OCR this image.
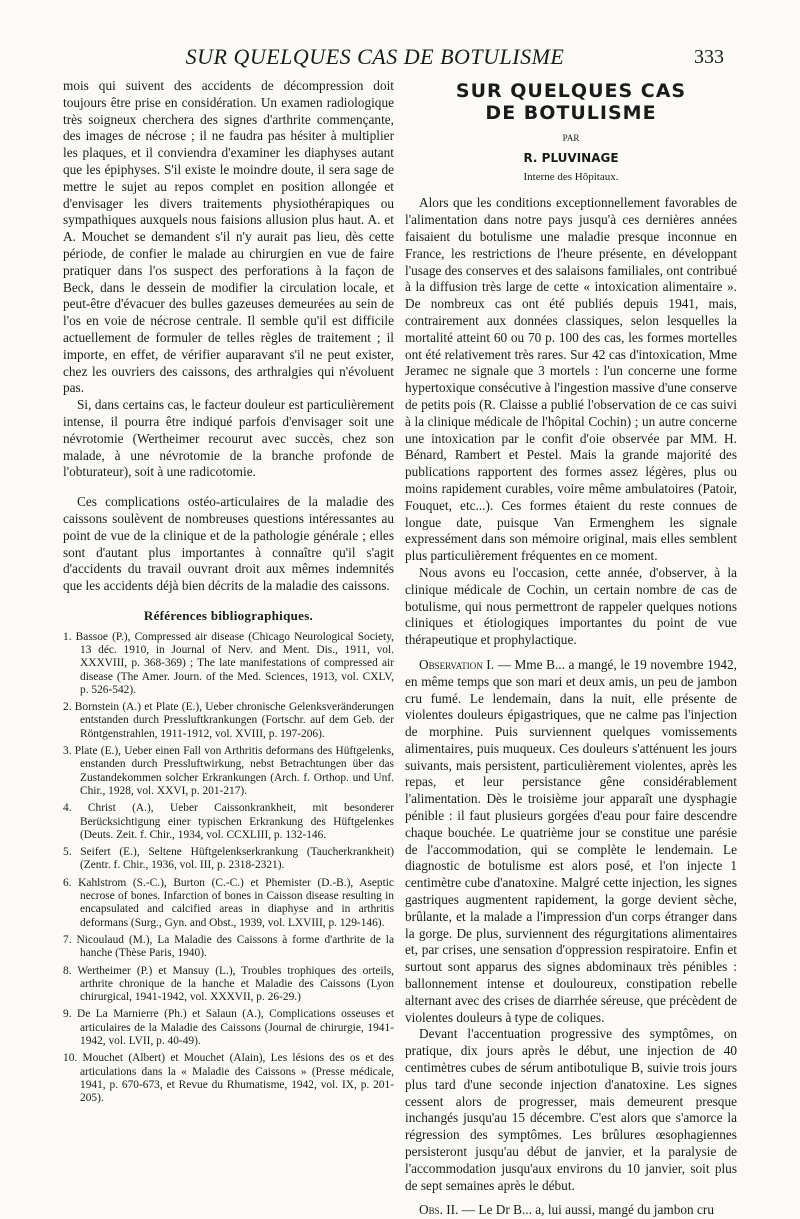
SUR QUELQUES CAS DE BOTULISME	333

mois qui suivent des accidents de décompression doit toujours être prise en considération. Un examen radiologique très soigneux cherchera des signes d'arthrite commençante, des images de nécrose ; il ne faudra pas hésiter à multiplier les plaques, et il conviendra d'examiner les diaphyses autant que les épiphyses. S'il existe le moindre doute, il sera sage de mettre le sujet au repos complet en position allongée et d'envisager les divers traitements physiothérapiques ou sympathiques auxquels nous faisions allusion plus haut. A. et A. Mouchet se demandent s'il n'y aurait pas lieu, dès cette période, de confier le malade au chirurgien en vue de faire pratiquer dans l'os suspect des perforations à la façon de Beck, dans le dessein de modifier la circulation locale, et peut-être d'évacuer des bulles gazeuses demeurées au sein de l'os en voie de nécrose centrale. Il semble qu'il est difficile actuellement de formuler de telles règles de traitement ; il importe, en effet, de vérifier auparavant s'il ne peut exister, chez les ouvriers des caissons, des arthralgies qui n'évoluent pas.

Si, dans certains cas, le facteur douleur est particulièrement intense, il pourra être indiqué parfois d'envisager soit une névrotomie (Wertheimer recourut avec succès, chez son malade, à une névrotomie de la branche profonde de l'obturateur), soit à une radicotomie.

Ces complications ostéo-articulaires de la maladie des caissons soulèvent de nombreuses questions intéressantes au point de vue de la clinique et de la pathologie générale ; elles sont d'autant plus importantes à connaître qu'il s'agit d'accidents du travail ouvrant droit aux mêmes indemnités que les accidents déjà bien décrits de la maladie des caissons.

Références bibliographiques.
1. Bassoe (P.), Compressed air disease (Chicago Neurological Society, 13 déc. 1910, in Journal of Nerv. and Ment. Dis., 1911, vol. XXXVIII, p. 368-369) ; The late manifestations of compressed air disease (The Amer. Journ. of the Med. Sciences, 1913, vol. CXLV, p. 526-542).
2. Bornstein (A.) et Plate (E.), Ueber chronische Gelenksveränderungen entstanden durch Pressluftkrankungen (Fortschr. auf dem Geb. der Röntgenstrahlen, 1911-1912, vol. XVIII, p. 197-206).
3. Plate (E.), Ueber einen Fall von Arthritis deformans des Hüftgelenks, enstanden durch Pressluftwirkung, nebst Betrachtungen über das Zustandekommen solcher Erkrankungen (Arch. f. Orthop. und Unf. Chir., 1928, vol. XXVI, p. 201-217).
4. Christ (A.), Ueber Caissonkrankheit, mit besonderer Berücksichtigung einer typischen Erkrankung des Hüftgelenkes (Deuts. Zeit. f. Chir., 1934, vol. CCXLIII, p. 132-146.
5. Seifert (E.), Seltene Hüftgelenkserkrankung (Taucherkrankheit) (Zentr. f. Chir., 1936, vol. III, p. 2318-2321).
6. Kahlstrom (S.-C.), Burton (C.-C.) et Phemister (D.-B.), Aseptic necrose of bones. Infarction of bones in Caisson disease resulting in encapsulated and calcified areas in diaphyse and in arthritis deformans (Surg., Gyn. and Obst., 1939, vol. LXVIII, p. 129-146).
7. Nicoulaud (M.), La Maladie des Caissons à forme d'arthrite de la hanche (Thèse Paris, 1940).
8. Wertheimer (P.) et Mansuy (L.), Troubles trophiques des orteils, arthrite chronique de la hanche et Maladie des Caissons (Lyon chirurgical, 1941-1942, vol. XXXVII, p. 26-29.)
9. De La Marnierre (Ph.) et Salaun (A.), Complications osseuses et articulaires de la Maladie des Caissons (Journal de chirurgie, 1941-1942, vol. LVII, p. 40-49).
10. Mouchet (Albert) et Mouchet (Alain), Les lésions des os et des articulations dans la « Maladie des Caissons » (Presse médicale, 1941, p. 670-673, et Revue du Rhumatisme, 1942, vol. IX, p. 201-205).
SUR QUELQUES CAS
DE BOTULISME
PAR
R. PLUVINAGE
Interne des Hôpitaux.

Alors que les conditions exceptionnellement favorables de l'alimentation dans notre pays jusqu'à ces dernières années faisaient du botulisme une maladie presque inconnue en France, les restrictions de l'heure présente, en développant l'usage des conserves et des salaisons familiales, ont contribué à la diffusion très large de cette « intoxication alimentaire ». De nombreux cas ont été publiés depuis 1941, mais, contrairement aux données classiques, selon lesquelles la mortalité atteint 60 ou 70 p. 100 des cas, les formes mortelles ont été relativement très rares. Sur 42 cas d'intoxication, Mme Jeramec ne signale que 3 mortels : l'un concerne une forme hypertoxique consécutive à l'ingestion massive d'une conserve de petits pois (R. Claisse a publié l'observation de ce cas suivi à la clinique médicale de l'hôpital Cochin) ; un autre concerne une intoxication par le confit d'oie observée par MM. H. Bénard, Rambert et Pestel. Mais la grande majorité des publications rapportent des formes assez légères, plus ou moins rapidement curables, voire même ambulatoires (Patoir, Fouquet, etc...). Ces formes étaient du reste connues de longue date, puisque Van Ermenghem les signale expressément dans son mémoire original, mais elles semblent plus particulièrement fréquentes en ce moment.

Nous avons eu l'occasion, cette année, d'observer, à la clinique médicale de Cochin, un certain nombre de cas de botulisme, qui nous permettront de rappeler quelques notions cliniques et étiologiques importantes du point de vue thérapeutique et prophylactique.

Observation I. — Mme B... a mangé, le 19 novembre 1942, en même temps que son mari et deux amis, un peu de jambon cru fumé. Le lendemain, dans la nuit, elle présente de violentes douleurs épigastriques, que ne calme pas l'injection de morphine. Puis surviennent quelques vomissements alimentaires, puis muqueux. Ces douleurs s'atténuent les jours suivants, mais persistent, particulièrement violentes, après les repas, et leur persistance gêne considérablement l'alimentation. Dès le troisième jour apparaît une dysphagie pénible : il faut plusieurs gorgées d'eau pour faire descendre chaque bouchée. Le quatrième jour se constitue une parésie de l'accommodation, qui se complète le lendemain. Le diagnostic de botulisme est alors posé, et l'on injecte 1 centimètre cube d'anatoxine. Malgré cette injection, les signes gastriques augmentent rapidement, la gorge devient sèche, brûlante, et la malade a l'impression d'un corps étranger dans la gorge. De plus, surviennent des régurgitations alimentaires et, par crises, une sensation d'oppression respiratoire. Enfin et surtout sont apparus des signes abdominaux très pénibles : ballonnement intense et douloureux, constipation rebelle alternant avec des crises de diarrhée séreuse, que précèdent de violentes douleurs à type de coliques.

Devant l'accentuation progressive des symptômes, on pratique, dix jours après le début, une injection de 40 centimètres cubes de sérum antibotulique B, suivie trois jours plus tard d'une seconde injection d'anatoxine. Les signes cessent alors de progresser, mais demeurent presque inchangés jusqu'au 15 décembre. C'est alors que s'amorce la régression des symptômes. Les brûlures œsophagiennes persisteront jusqu'au début de janvier, et la paralysie de l'accommodation jusqu'aux environs du 10 janvier, soit plus de sept semaines après le début.

Obs. II. — Le Dr B... a, lui aussi, mangé du jambon cru
